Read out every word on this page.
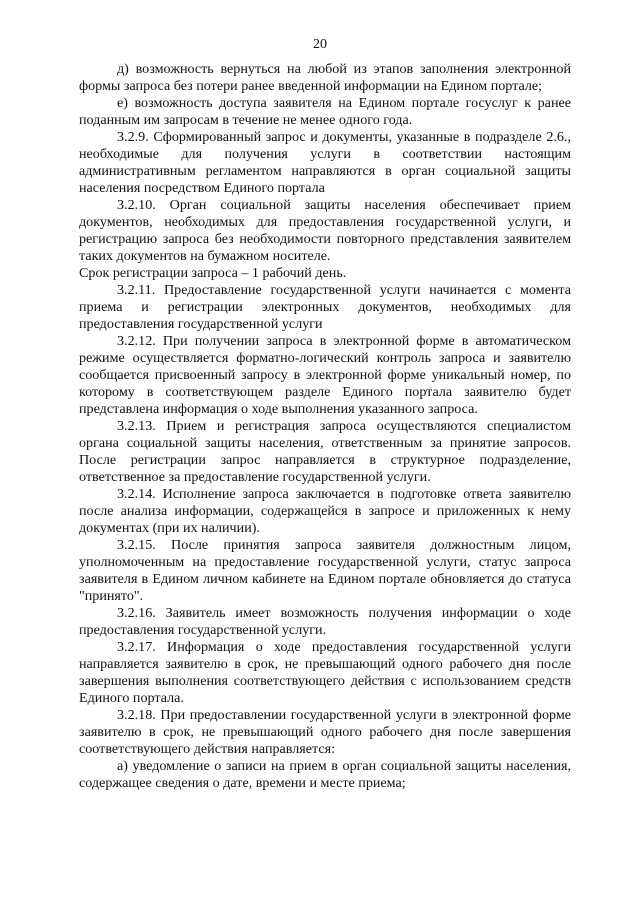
20

д) возможность вернуться на любой из этапов заполнения электронной формы запроса без потери ранее введенной информации на Едином портале;

е) возможность доступа заявителя на Едином портале госуслуг к ранее поданным им запросам в течение не менее одного года.

3.2.9. Сформированный запрос и документы, указанные в подразделе 2.6., необходимые для получения услуги в соответствии настоящим административным регламентом направляются в орган социальной защиты населения посредством Единого портала

3.2.10. Орган социальной защиты населения обеспечивает прием документов, необходимых для предоставления государственной услуги, и регистрацию запроса без необходимости повторного представления заявителем таких документов на бумажном носителе.

Срок регистрации запроса – 1 рабочий день.

3.2.11. Предоставление государственной услуги начинается с момента приема и регистрации электронных документов, необходимых для предоставления государственной услуги

3.2.12. При получении запроса в электронной форме в автоматическом режиме осуществляется форматно-логический контроль запроса и заявителю сообщается присвоенный запросу в электронной форме уникальный номер, по которому в соответствующем разделе Единого портала заявителю будет представлена информация о ходе выполнения указанного запроса.

3.2.13. Прием и регистрация запроса осуществляются специалистом органа социальной защиты населения, ответственным за принятие запросов. После регистрации запрос направляется в структурное подразделение, ответственное за предоставление государственной услуги.

3.2.14. Исполнение запроса заключается в подготовке ответа заявителю после анализа информации, содержащейся в запросе и приложенных к нему документах (при их наличии).

3.2.15. После принятия запроса заявителя должностным лицом, уполномоченным на предоставление государственной услуги, статус запроса заявителя в Едином личном кабинете на Едином портале обновляется до статуса "принято".

3.2.16. Заявитель имеет возможность получения информации о ходе предоставления государственной услуги.

3.2.17. Информация о ходе предоставления государственной услуги направляется заявителю в срок, не превышающий одного рабочего дня после завершения выполнения соответствующего действия с использованием средств Единого портала.

3.2.18. При предоставлении государственной услуги в электронной форме заявителю в срок, не превышающий одного рабочего дня после завершения соответствующего действия направляется:

а) уведомление о записи на прием в орган социальной защиты населения, содержащее сведения о дате, времени и месте приема;
